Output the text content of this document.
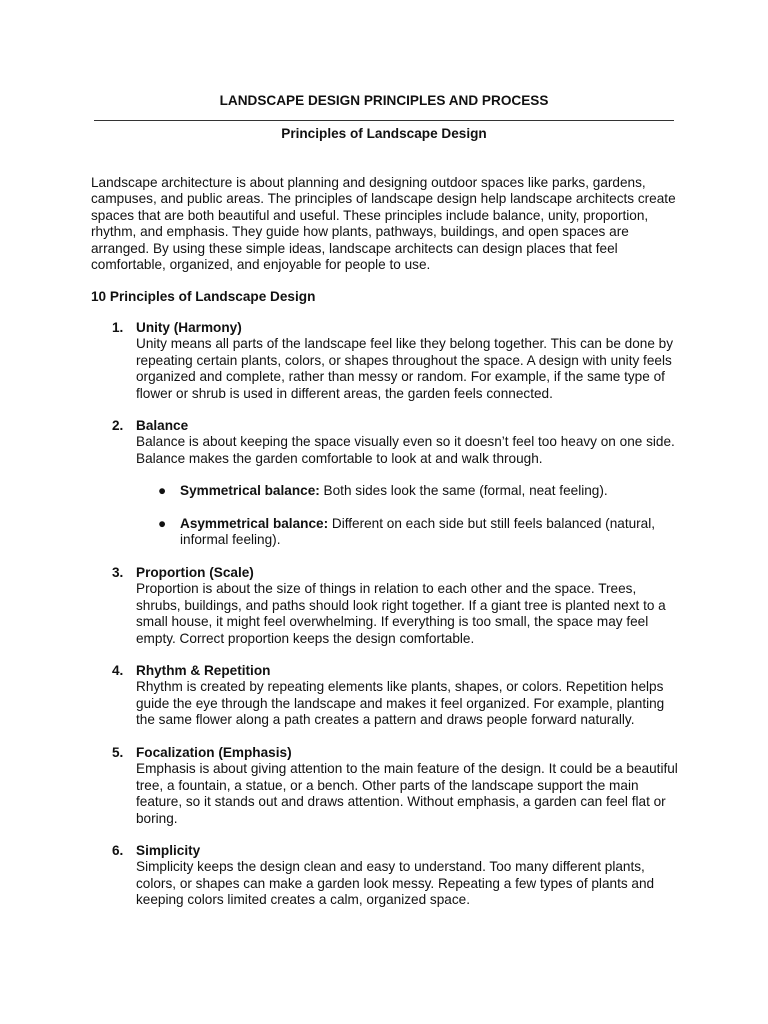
LANDSCAPE DESIGN PRINCIPLES AND PROCESS
Principles of Landscape Design
Landscape architecture is about planning and designing outdoor spaces like parks, gardens, campuses, and public areas. The principles of landscape design help landscape architects create spaces that are both beautiful and useful. These principles include balance, unity, proportion, rhythm, and emphasis. They guide how plants, pathways, buildings, and open spaces are arranged. By using these simple ideas, landscape architects can design places that feel comfortable, organized, and enjoyable for people to use.
10 Principles of Landscape Design
1. Unity (Harmony)
Unity means all parts of the landscape feel like they belong together. This can be done by repeating certain plants, colors, or shapes throughout the space. A design with unity feels organized and complete, rather than messy or random. For example, if the same type of flower or shrub is used in different areas, the garden feels connected.
2. Balance
Balance is about keeping the space visually even so it doesn’t feel too heavy on one side. Balance makes the garden comfortable to look at and walk through.
●	Symmetrical balance: Both sides look the same (formal, neat feeling).
●	Asymmetrical balance: Different on each side but still feels balanced (natural, informal feeling).
3. Proportion (Scale)
Proportion is about the size of things in relation to each other and the space. Trees, shrubs, buildings, and paths should look right together. If a giant tree is planted next to a small house, it might feel overwhelming. If everything is too small, the space may feel empty. Correct proportion keeps the design comfortable.
4. Rhythm & Repetition
Rhythm is created by repeating elements like plants, shapes, or colors. Repetition helps guide the eye through the landscape and makes it feel organized. For example, planting the same flower along a path creates a pattern and draws people forward naturally.
5. Focalization (Emphasis)
Emphasis is about giving attention to the main feature of the design. It could be a beautiful tree, a fountain, a statue, or a bench. Other parts of the landscape support the main feature, so it stands out and draws attention. Without emphasis, a garden can feel flat or boring.
6. Simplicity
Simplicity keeps the design clean and easy to understand. Too many different plants, colors, or shapes can make a garden look messy. Repeating a few types of plants and keeping colors limited creates a calm, organized space.
